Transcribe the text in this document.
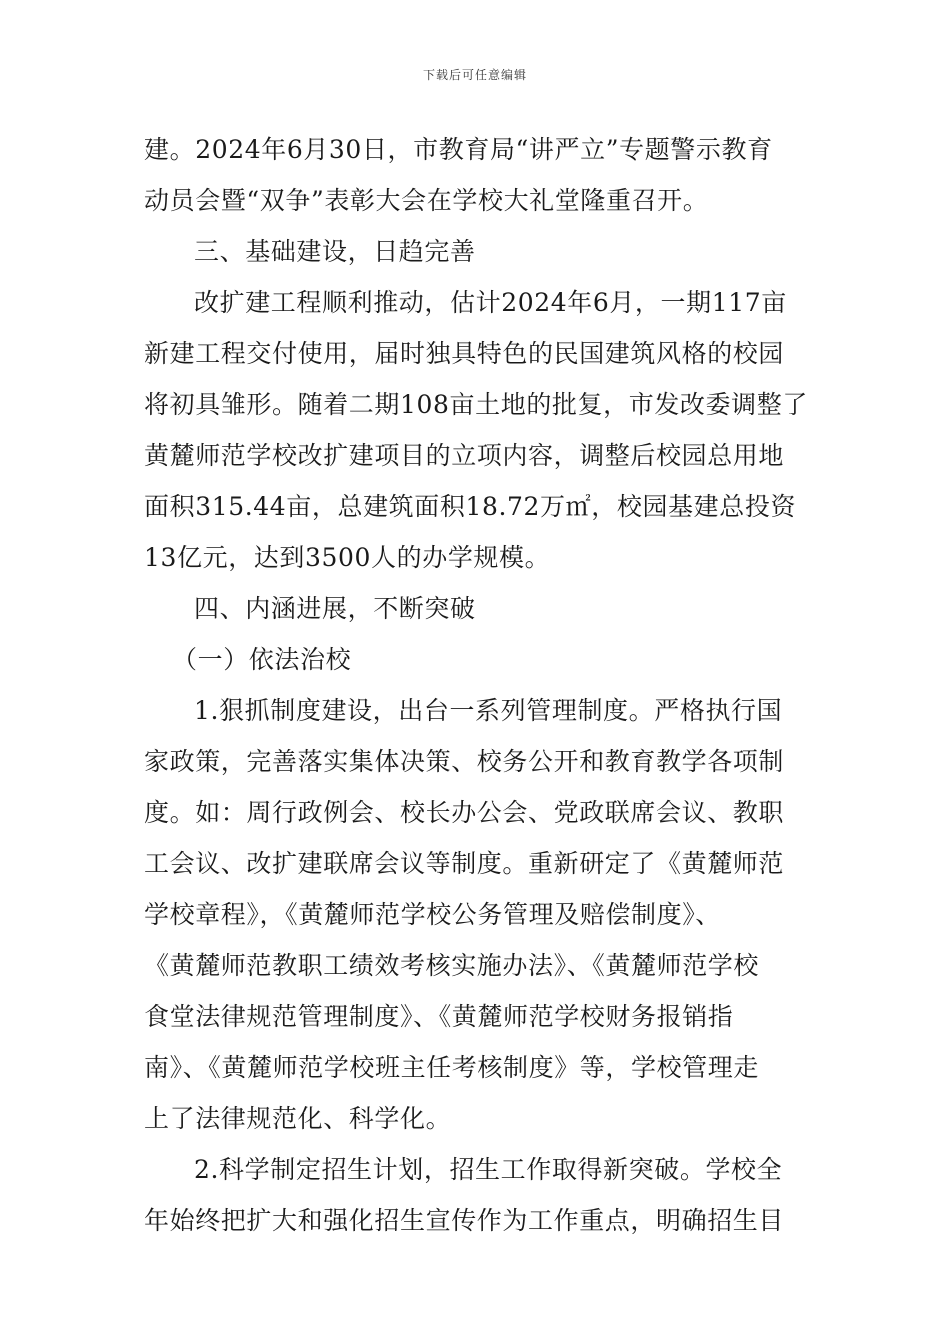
下载后可任意编辑
建。2024年6月30日，市教育局“讲严立”专题警示教育
动员会暨“双争”表彰大会在学校大礼堂隆重召开。
三、基础建设，日趋完善
改扩建工程顺利推动，估计2024年6月，一期117亩
新建工程交付使用，届时独具特色的民国建筑风格的校园
将初具雏形。随着二期108亩土地的批复，市发改委调整了
黄麓师范学校改扩建项目的立项内容，调整后校园总用地
面积315.44亩，总建筑面积18.72万㎡，校园基建总投资
13亿元，达到3500人的办学规模。
四、内涵进展，不断突破
（一）依法治校
1.狠抓制度建设，出台一系列管理制度。严格执行国
家政策，完善落实集体决策、校务公开和教育教学各项制
度。如：周行政例会、校长办公会、党政联席会议、教职
工会议、改扩建联席会议等制度。重新研定了《黄麓师范
学校章程》，《黄麓师范学校公务管理及赔偿制度》、
《黄麓师范教职工绩效考核实施办法》、《黄麓师范学校
食堂法律规范管理制度》、《黄麓师范学校财务报销指
南》、《黄麓师范学校班主任考核制度》等，学校管理走
上了法律规范化、科学化。
2.科学制定招生计划，招生工作取得新突破。学校全
年始终把扩大和强化招生宣传作为工作重点，明确招生目
